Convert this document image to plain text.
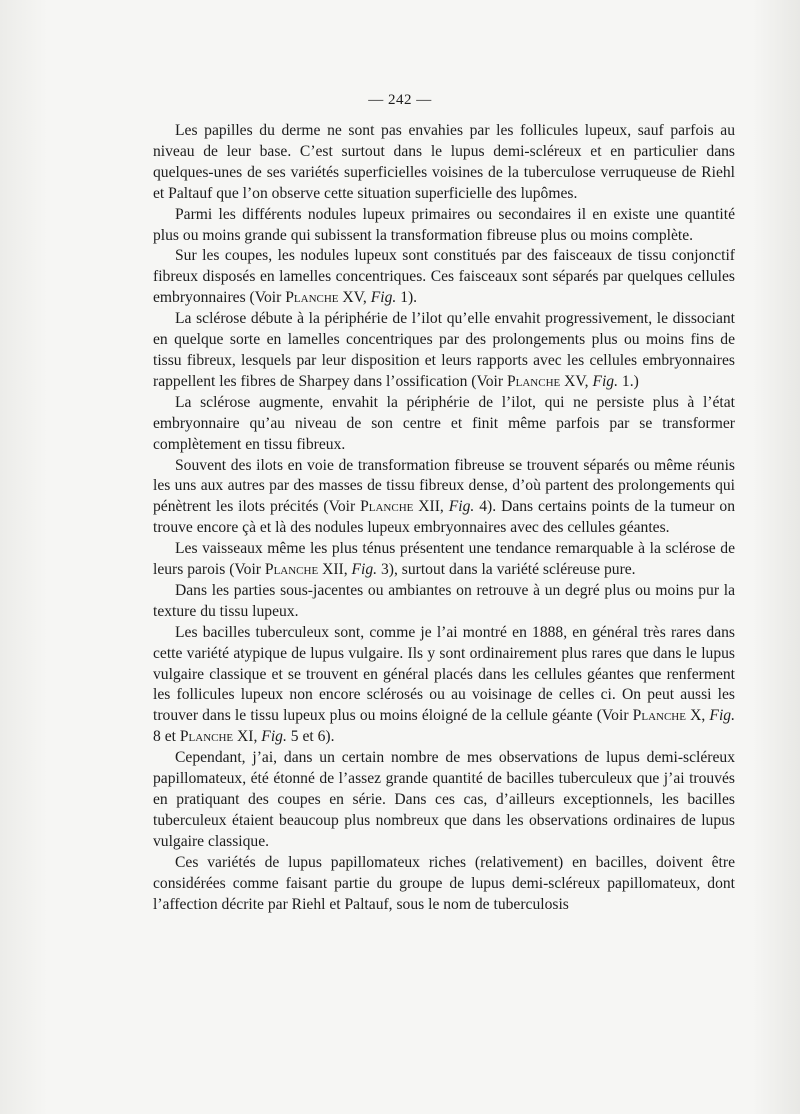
— 242 —

Les papilles du derme ne sont pas envahies par les follicules lupeux, sauf parfois au niveau de leur base. C’est surtout dans le lupus demi-scléreux et en particulier dans quelques-unes de ses variétés superficielles voisines de la tuberculose verruqueuse de Riehl et Paltauf que l’on observe cette situation superficielle des lupômes.

Parmi les différents nodules lupeux primaires ou secondaires il en existe une quantité plus ou moins grande qui subissent la transformation fibreuse plus ou moins complète.

Sur les coupes, les nodules lupeux sont constitués par des faisceaux de tissu conjonctif fibreux disposés en lamelles concentriques. Ces faisceaux sont séparés par quelques cellules embryonnaires (Voir Planche XV, Fig. 1).

La sclérose débute à la périphérie de l’ilot qu’elle envahit progressivement, le dissociant en quelque sorte en lamelles concentriques par des prolongements plus ou moins fins de tissu fibreux, lesquels par leur disposition et leurs rapports avec les cellules embryonnaires rappellent les fibres de Sharpey dans l’ossification (Voir Planche XV, Fig. 1.)

La sclérose augmente, envahit la périphérie de l’ilot, qui ne persiste plus à l’état embryonnaire qu’au niveau de son centre et finit même parfois par se transformer complètement en tissu fibreux.

Souvent des ilots en voie de transformation fibreuse se trouvent séparés ou même réunis les uns aux autres par des masses de tissu fibreux dense, d’où partent des prolongements qui pénètrent les ilots précités (Voir Planche XII, Fig. 4). Dans certains points de la tumeur on trouve encore çà et là des nodules lupeux embryonnaires avec des cellules géantes.

Les vaisseaux même les plus ténus présentent une tendance remarquable à la sclérose de leurs parois (Voir Planche XII, Fig. 3), surtout dans la variété scléreuse pure.

Dans les parties sous-jacentes ou ambiantes on retrouve à un degré plus ou moins pur la texture du tissu lupeux.

Les bacilles tuberculeux sont, comme je l’ai montré en 1888, en général très rares dans cette variété atypique de lupus vulgaire. Ils y sont ordinairement plus rares que dans le lupus vulgaire classique et se trouvent en général placés dans les cellules géantes que renferment les follicules lupeux non encore sclérosés ou au voisinage de celles ci. On peut aussi les trouver dans le tissu lupeux plus ou moins éloigné de la cellule géante (Voir Planche X, Fig. 8 et Planche XI, Fig. 5 et 6).

Cependant, j’ai, dans un certain nombre de mes observations de lupus demi-scléreux papillomateux, été étonné de l’assez grande quantité de bacilles tuberculeux que j’ai trouvés en pratiquant des coupes en série. Dans ces cas, d’ailleurs exceptionnels, les bacilles tuberculeux étaient beaucoup plus nombreux que dans les observations ordinaires de lupus vulgaire classique.

Ces variétés de lupus papillomateux riches (relativement) en bacilles, doivent être considérées comme faisant partie du groupe de lupus demi-scléreux papillomateux, dont l’affection décrite par Riehl et Paltauf, sous le nom de tuberculosis
